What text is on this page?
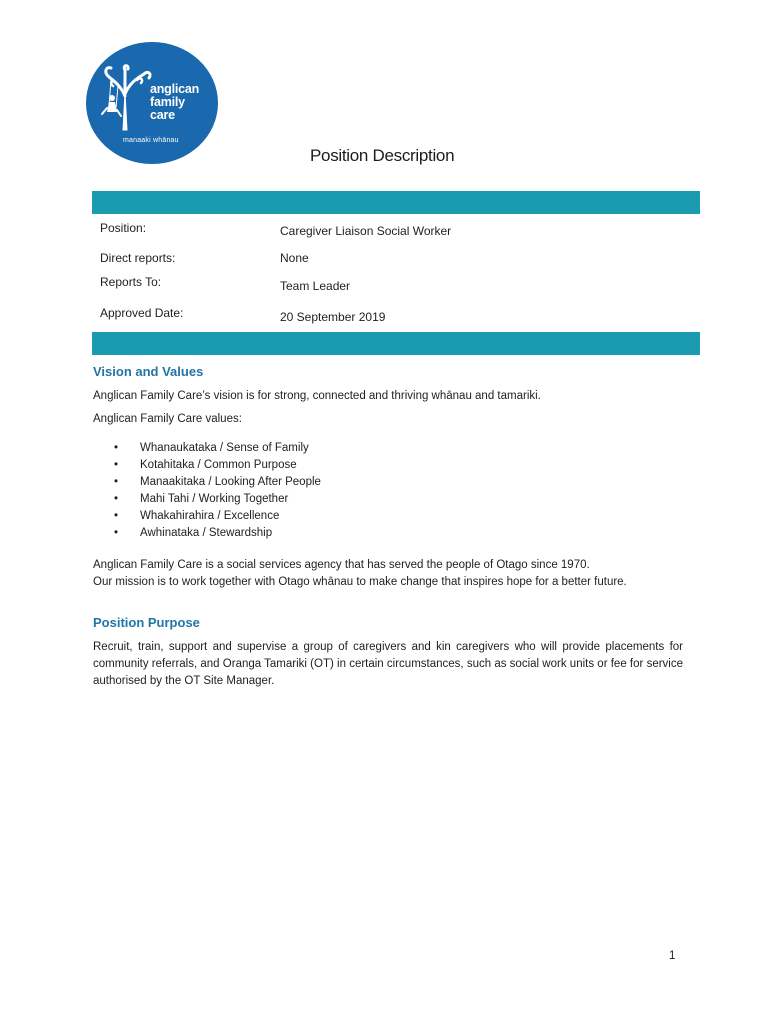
anglican
family
care
manaaki whānau
Position Description
Position:	Caregiver Liaison Social Worker
Direct reports:	None
Reports To:	Team Leader
Approved Date:	20 September 2019
Vision and Values
Anglican Family Care’s vision is for strong, connected and thriving whānau and tamariki.
Anglican Family Care values:
• Whanaukataka / Sense of Family
• Kotahitaka / Common Purpose
• Manaakitaka / Looking After People
• Mahi Tahi / Working Together
• Whakahirahira / Excellence
• Awhinataka / Stewardship
Anglican Family Care is a social services agency that has served the people of Otago since 1970.
Our mission is to work together with Otago whānau to make change that inspires hope for a better future.
Position Purpose
Recruit, train, support and supervise a group of caregivers and kin caregivers who will provide placements for community referrals, and Oranga Tamariki (OT) in certain circumstances, such as social work units or fee for service authorised by the OT Site Manager.
1
